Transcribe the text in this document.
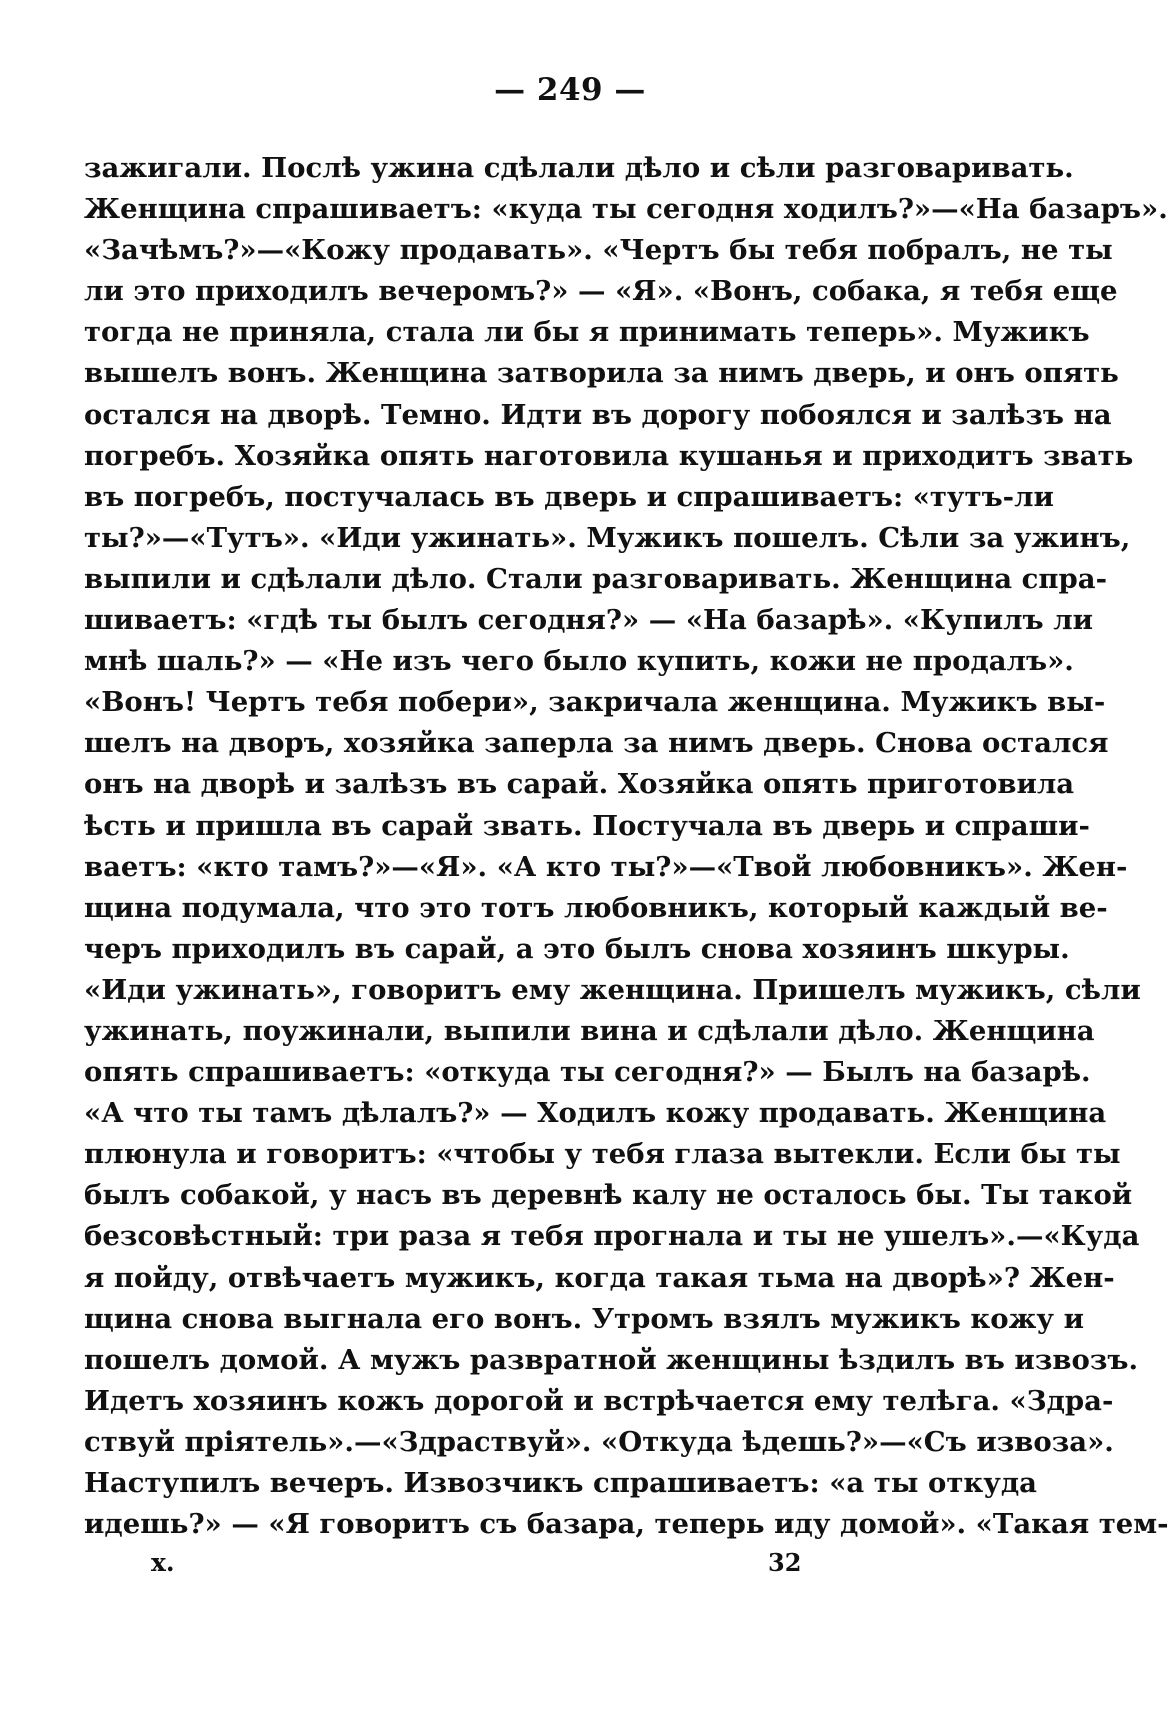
— 249 —
зажигали. Послѣ ужина сдѣлали дѣло и сѣли разговаривать.
Женщина спрашиваетъ: «куда ты сегодня ходилъ?»—«На базаръ».
«Зачѣмъ?»—«Кожу продавать». «Чертъ бы тебя побралъ, не ты
ли это приходилъ вечеромъ?» — «Я». «Вонъ, собака, я тебя еще
тогда не приняла, стала ли бы я принимать теперь». Мужикъ
вышелъ вонъ. Женщина затворила за нимъ дверь, и онъ опять
остался на дворѣ. Темно. Идти въ дорогу побоялся и залѣзъ на
погребъ. Хозяйка опять наготовила кушанья и приходитъ звать
въ погребъ, постучалась въ дверь и спрашиваетъ: «тутъ-ли
ты?»—«Тутъ». «Иди ужинать». Мужикъ пошелъ. Сѣли за ужинъ,
выпили и сдѣлали дѣло. Стали разговаривать. Женщина спра-
шиваетъ: «гдѣ ты былъ сегодня?» — «На базарѣ». «Купилъ ли
мнѣ шаль?» — «Не изъ чего было купить, кожи не продалъ».
«Вонъ! Чертъ тебя побери», закричала женщина. Мужикъ вы-
шелъ на дворъ, хозяйка заперла за нимъ дверь. Снова остался
онъ на дворѣ и залѣзъ въ сарай. Хозяйка опять приготовила
ѣсть и пришла въ сарай звать. Постучала въ дверь и спраши-
ваетъ: «кто тамъ?»—«Я». «А кто ты?»—«Твой любовникъ». Жен-
щина подумала, что это тотъ любовникъ, который каждый ве-
черъ приходилъ въ сарай, а это былъ снова хозяинъ шкуры.
«Иди ужинать», говоритъ ему женщина. Пришелъ мужикъ, сѣли
ужинать, поужинали, выпили вина и сдѣлали дѣло. Женщина
опять спрашиваетъ: «откуда ты сегодня?» — Былъ на базарѣ.
«А что ты тамъ дѣлалъ?» — Ходилъ кожу продавать. Женщина
плюнула и говоритъ: «чтобы у тебя глаза вытекли. Если бы ты
былъ собакой, у насъ въ деревнѣ калу не осталось бы. Ты такой
безсовѣстный: три раза я тебя прогнала и ты не ушелъ».—«Куда
я пойду, отвѣчаетъ мужикъ, когда такая тьма на дворѣ»? Жен-
щина снова выгнала его вонъ. Утромъ взялъ мужикъ кожу и
пошелъ домой. А мужъ развратной женщины ѣздилъ въ извозъ.
Идетъ хозяинъ кожъ дорогой и встрѣчается ему телѣга. «Здра-
ствуй пріятель».—«Здраствуй». «Откуда ѣдешь?»—«Съ извоза».
Наступилъ вечеръ. Извозчикъ спрашиваетъ: «а ты откуда
идешь?» — «Я говоритъ съ базара, теперь иду домой». «Такая тем-
x.	32
